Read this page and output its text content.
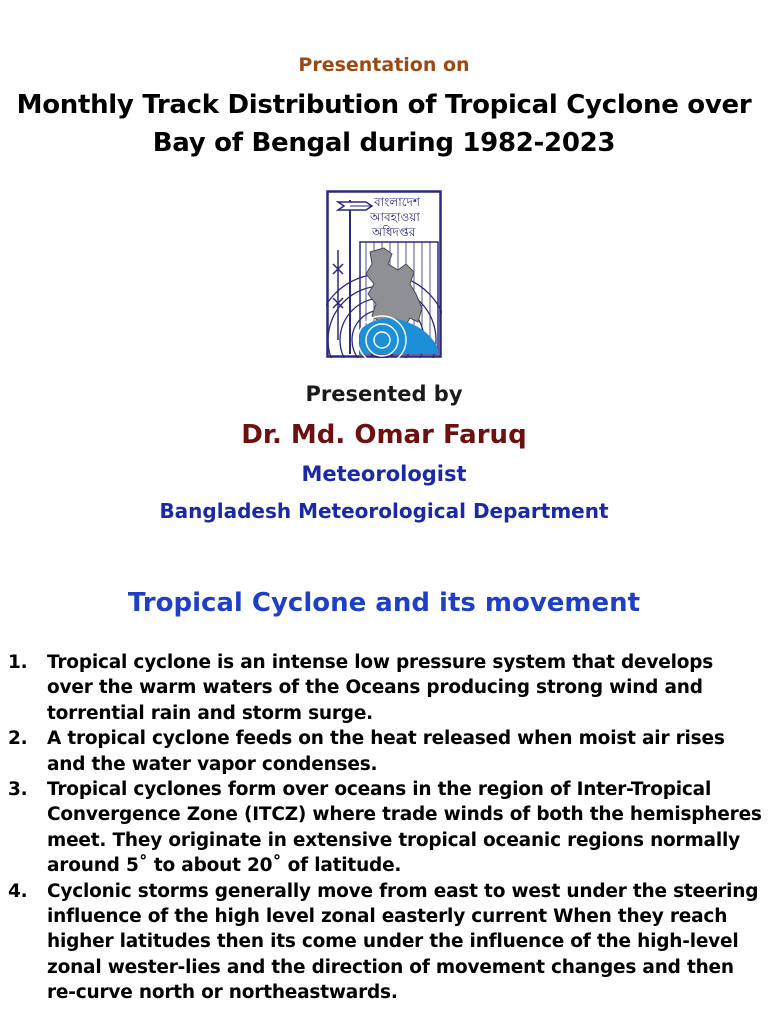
Presentation on
Monthly Track Distribution of Tropical Cyclone over
Bay of Bengal during 1982-2023
বাংলাদেশ
আবহাওয়া
অধিদপ্তর
Presented by
Dr. Md. Omar Faruq
Meteorologist
Bangladesh Meteorological Department
Tropical Cyclone and its movement
1. Tropical cyclone is an intense low pressure system that develops over the warm waters of the Oceans producing strong wind and torrential rain and storm surge.
2. A tropical cyclone feeds on the heat released when moist air rises and the water vapor condenses.
3. Tropical cyclones form over oceans in the region of Inter-Tropical Convergence Zone (ITCZ) where trade winds of both the hemispheres meet. They originate in extensive tropical oceanic regions normally around 5˚ to about 20˚ of latitude.
4. Cyclonic storms generally move from east to west under the steering influence of the high level zonal easterly current When they reach higher latitudes then its come under the influence of the high-level zonal wester-lies and the direction of movement changes and then re-curve north or northeastwards.
